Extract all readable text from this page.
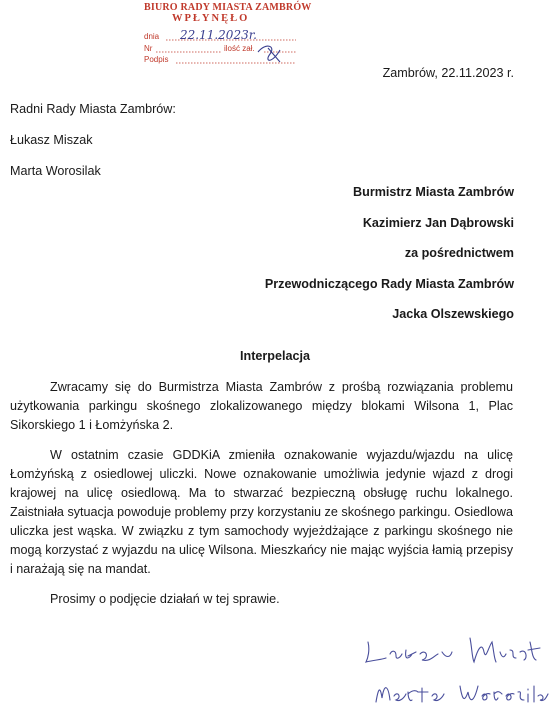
BIURO RADY MIASTA ZAMBRÓW
WPŁYNĘŁO
dnia
Nr	ilość zał.
Podpis
22.11.2023r.
Zambrów, 22.11.2023 r.
Radni Rady Miasta Zambrów:
Łukasz Miszak
Marta Worosilak
Burmistrz Miasta Zambrów
Kazimierz Jan Dąbrowski
za pośrednictwem
Przewodniczącego Rady Miasta Zambrów
Jacka Olszewskiego
Interpelacja

Zwracamy się do Burmistrza Miasta Zambrów z prośbą rozwiązania problemu użytkowania parkingu skośnego zlokalizowanego między blokami Wilsona 1, Plac Sikorskiego 1 i Łomżyńska 2.

W ostatnim czasie GDDKiA zmieniła oznakowanie wyjazdu/wjazdu na ulicę Łomżyńską z osiedlowej uliczki. Nowe oznakowanie umożliwia jedynie wjazd z drogi krajowej na ulicę osiedlową. Ma to stwarzać bezpieczną obsługę ruchu lokalnego. Zaistniała sytuacja powoduje problemy przy korzystaniu ze skośnego parkingu. Osiedlowa uliczka jest wąska. W związku z tym samochody wyjeżdżające z parkingu skośnego nie mogą korzystać z wyjazdu na ulicę Wilsona. Mieszkańcy nie mając wyjścia łamią przepisy i narażają się na mandat.

Prosimy o podjęcie działań w tej sprawie.
